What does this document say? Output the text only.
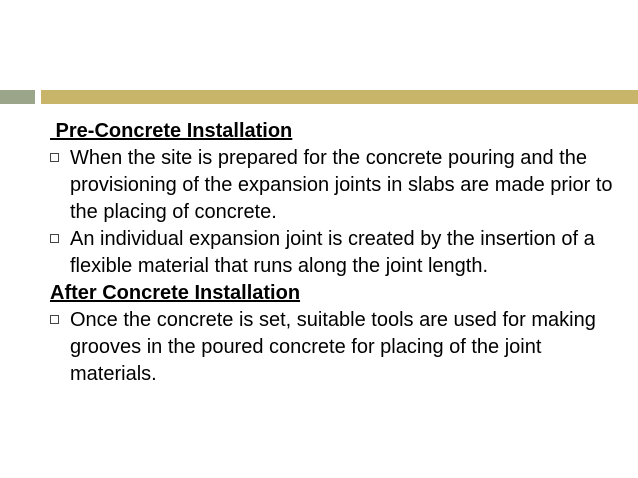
Pre-Concrete Installation

When the site is prepared for the concrete pouring and the provisioning of the expansion joints in slabs are made prior to the placing of concrete.
An individual expansion joint is created by the insertion of a flexible material that runs along the joint length.

After Concrete Installation

Once the concrete is set, suitable tools are used for making grooves in the poured concrete for placing of the joint materials.
